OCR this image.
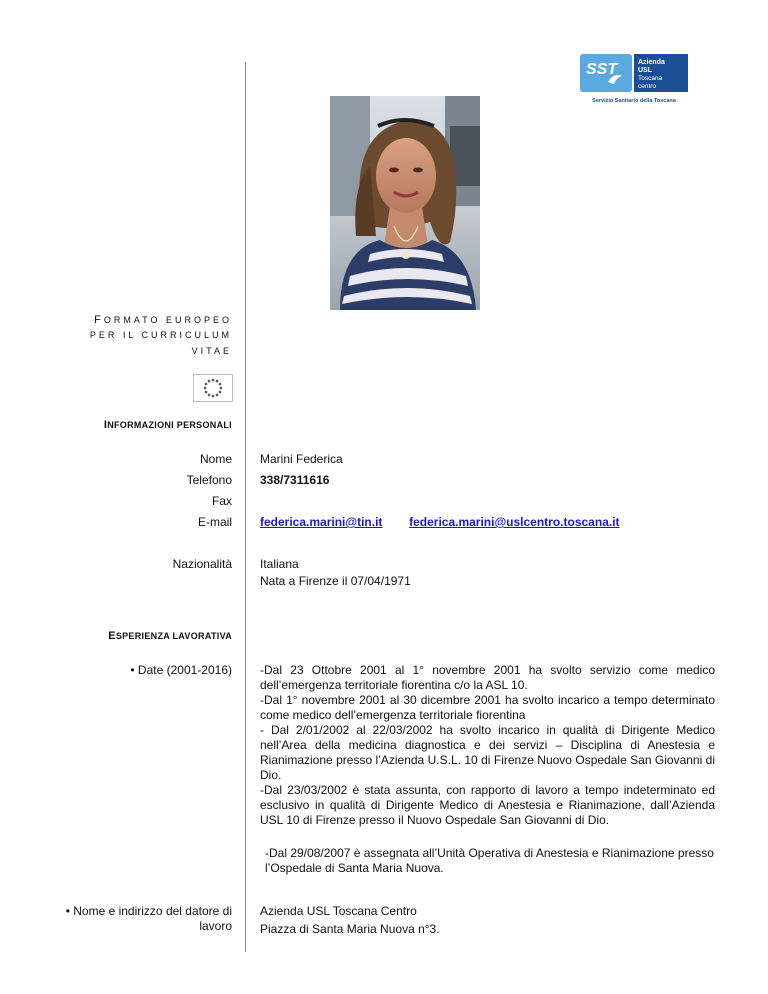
SST	Azienda
USL
Toscana
centro
Servizio Sanitario della Toscana
FORMATO EUROPEO
PER IL CURRICULUM
VITAE
INFORMAZIONI PERSONALI
Nome Marini Federica
Telefono 338/7311616
Fax
E-mail federica.marini@tin.it federica.marini@uslcentro.toscana.it
Nazionalità Italiana
Nata a Firenze il 07/04/1971
ESPERIENZA LAVORATIVA
• Date (2001-2016) -Dal 23 Ottobre 2001 al 1° novembre 2001 ha svolto servizio come medico dell’emergenza territoriale fiorentina c/o la ASL 10.
-Dal 1° novembre 2001 al 30 dicembre 2001 ha svolto incarico a tempo determinato come medico dell’emergenza territoriale fiorentina
- Dal 2/01/2002 al 22/03/2002 ha svolto incarico in qualità di Dirigente Medico nell’Area della medicina diagnostica e dei servizi – Disciplina di Anestesia e Rianimazione presso l’Azienda U.S.L. 10 di Firenze Nuovo Ospedale San Giovanni di Dio.
-Dal 23/03/2002 è stata assunta, con rapporto di lavoro a tempo indeterminato ed esclusivo in qualità di Dirigente Medico di Anestesia e Rianimazione, dall’Azienda USL 10 di Firenze presso il Nuovo Ospedale San Giovanni di Dio.
-Dal 29/08/2007 è assegnata all’Unità Operativa di Anestesia e Rianimazione presso l’Ospedale di Santa Maria Nuova.
• Nome e indirizzo del datore di lavoro
Azienda USL Toscana Centro
Piazza di Santa Maria Nuova n°3.
